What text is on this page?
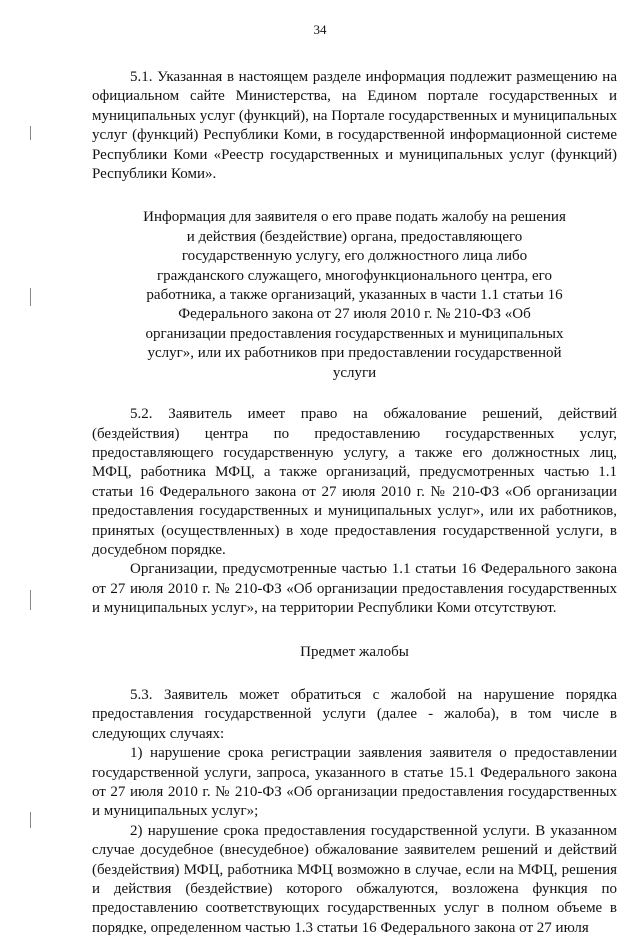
34

5.1. Указанная в настоящем разделе информация подлежит размещению на официальном сайте Министерства, на Едином портале государственных и муниципальных услуг (функций), на Портале государственных и муниципальных услуг (функций) Республики Коми, в государственной информационной системе Республики Коми «Реестр государственных и муниципальных услуг (функций) Республики Коми».

Информация для заявителя о его праве подать жалобу на решения и действия (бездействие) органа, предоставляющего государственную услугу, его должностного лица либо гражданского служащего, многофункционального центра, его работника, а также организаций, указанных в части 1.1 статьи 16 Федерального закона от 27 июля 2010 г. № 210-ФЗ «Об организации предоставления государственных и муниципальных услуг», или их работников при предоставлении государственной услуги

5.2. Заявитель имеет право на обжалование решений, действий (бездействия) центра по предоставлению государственных услуг, предоставляющего государственную услугу, а также его должностных лиц, МФЦ, работника МФЦ, а также организаций, предусмотренных частью 1.1 статьи 16 Федерального закона от 27 июля 2010 г. № 210-ФЗ «Об организации предоставления государственных и муниципальных услуг», или их работников, принятых (осуществленных) в ходе предоставления государственной услуги, в досудебном порядке.

Организации, предусмотренные частью 1.1 статьи 16 Федерального закона от 27 июля 2010 г. № 210-ФЗ «Об организации предоставления государственных и муниципальных услуг», на территории Республики Коми отсутствуют.

Предмет жалобы

5.3. Заявитель может обратиться с жалобой на нарушение порядка предоставления государственной услуги (далее - жалоба), в том числе в следующих случаях:

1) нарушение срока регистрации заявления заявителя о предоставлении государственной услуги, запроса, указанного в статье 15.1 Федерального закона от 27 июля 2010 г. № 210-ФЗ «Об организации предоставления государственных и муниципальных услуг»;

2) нарушение срока предоставления государственной услуги. В указанном случае досудебное (внесудебное) обжалование заявителем решений и действий (бездействия) МФЦ, работника МФЦ возможно в случае, если на МФЦ, решения и действия (бездействие) которого обжалуются, возложена функция по предоставлению соответствующих государственных услуг в полном объеме в порядке, определенном частью 1.3 статьи 16 Федерального закона от 27 июля
